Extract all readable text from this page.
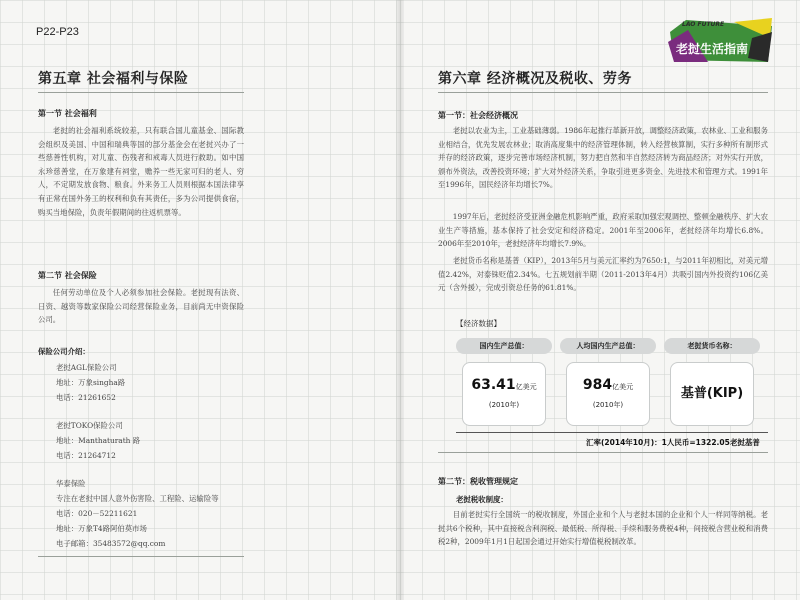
P22-P23
第五章 社会福利与保险
第一节 社会福利
老挝的社会福利系统较差，只有联合国儿童基金、国际教会组织及美国、中国和瑞典等国的部分基金会在老挝兴办了一些慈善性机构，对儿童、伤残者和戒毒人员进行救助。如中国永珍慈善堂，在万象建有祠堂，赡养一些无家可归的老人、穷人，不定期发放食物、粮食。外来务工人员则根据本国法律享有正常在国外务工的权利和负有其责任，多为公司提供食宿，购买当地保险，负责年假期间的往返机票等。
第二节 社会保险
任何劳动单位及个人必须参加社会保险。老挝现有法资、日资、越资等数家保险公司经营保险业务，目前尚无中资保险公司。
保险公司介绍：
老挝AGL保险公司
地址：万象singha路
电话：21261652
老挝TOKO保险公司
地址：Manthaturath 路
电话：21264712
华泰保险
专注在老挝中国人意外伤害险、工程险、运输险等
电话：020－52211621
地址：万象T4路阿伯莫市场
电子邮箱：35483572@qq.com
LAO FUTURE
老挝生活指南
第六章 经济概况及税收、劳务
第一节：社会经济概况
老挝以农业为主，工业基础薄弱。1986年起推行革新开放，调整经济政策，农林业、工业和服务业相结合，优先发展农林业；取消高度集中的经济管理体制，转入经营核算制，实行多种所有制形式并存的经济政策，逐步完善市场经济机制，努力把自然和半自然经济转为商品经济；对外实行开放，颁布外资法，改善投资环境；扩大对外经济关系，争取引进更多资金、先进技术和管理方式。1991年至1996年，国民经济年均增长7%。
1997年后，老挝经济受亚洲金融危机影响严重，政府采取加强宏观调控、整顿金融秩序、扩大农业生产等措施，基本保持了社会安定和经济稳定。2001年至2006年，老挝经济年均增长6.8%。2006年至2010年，老挝经济年均增长7.9%。
老挝货币名称是基普（KIP），2013年5月与美元汇率约为7650:1，与2011年初相比，对美元增值2.42%，对泰铢贬值2.34%。七五规划前半期（2011-2013年4月）共吸引国内外投资约106亿美元（含外援），完成引资总任务的61.81%。
【经济数据】
国内生产总值：	人均国内生产总值：	老挝货币名称：
63.41亿美元
(2010年)
984亿美元
(2010年)
基普(KIP)
汇率(2014年10月)：1人民币=1322.05老挝基普
第二节：税收管理规定
老挝税收制度：
目前老挝实行全国统一的税收制度，外国企业和个人与老挝本国的企业和个人一样同等纳税。老挝共6个税种，其中直接税含利润税、最低税、所得税、手续和服务费税4种，间接税含营业税和消费税2种，2009年1月1日起国会通过开始实行增值税税制改革。
